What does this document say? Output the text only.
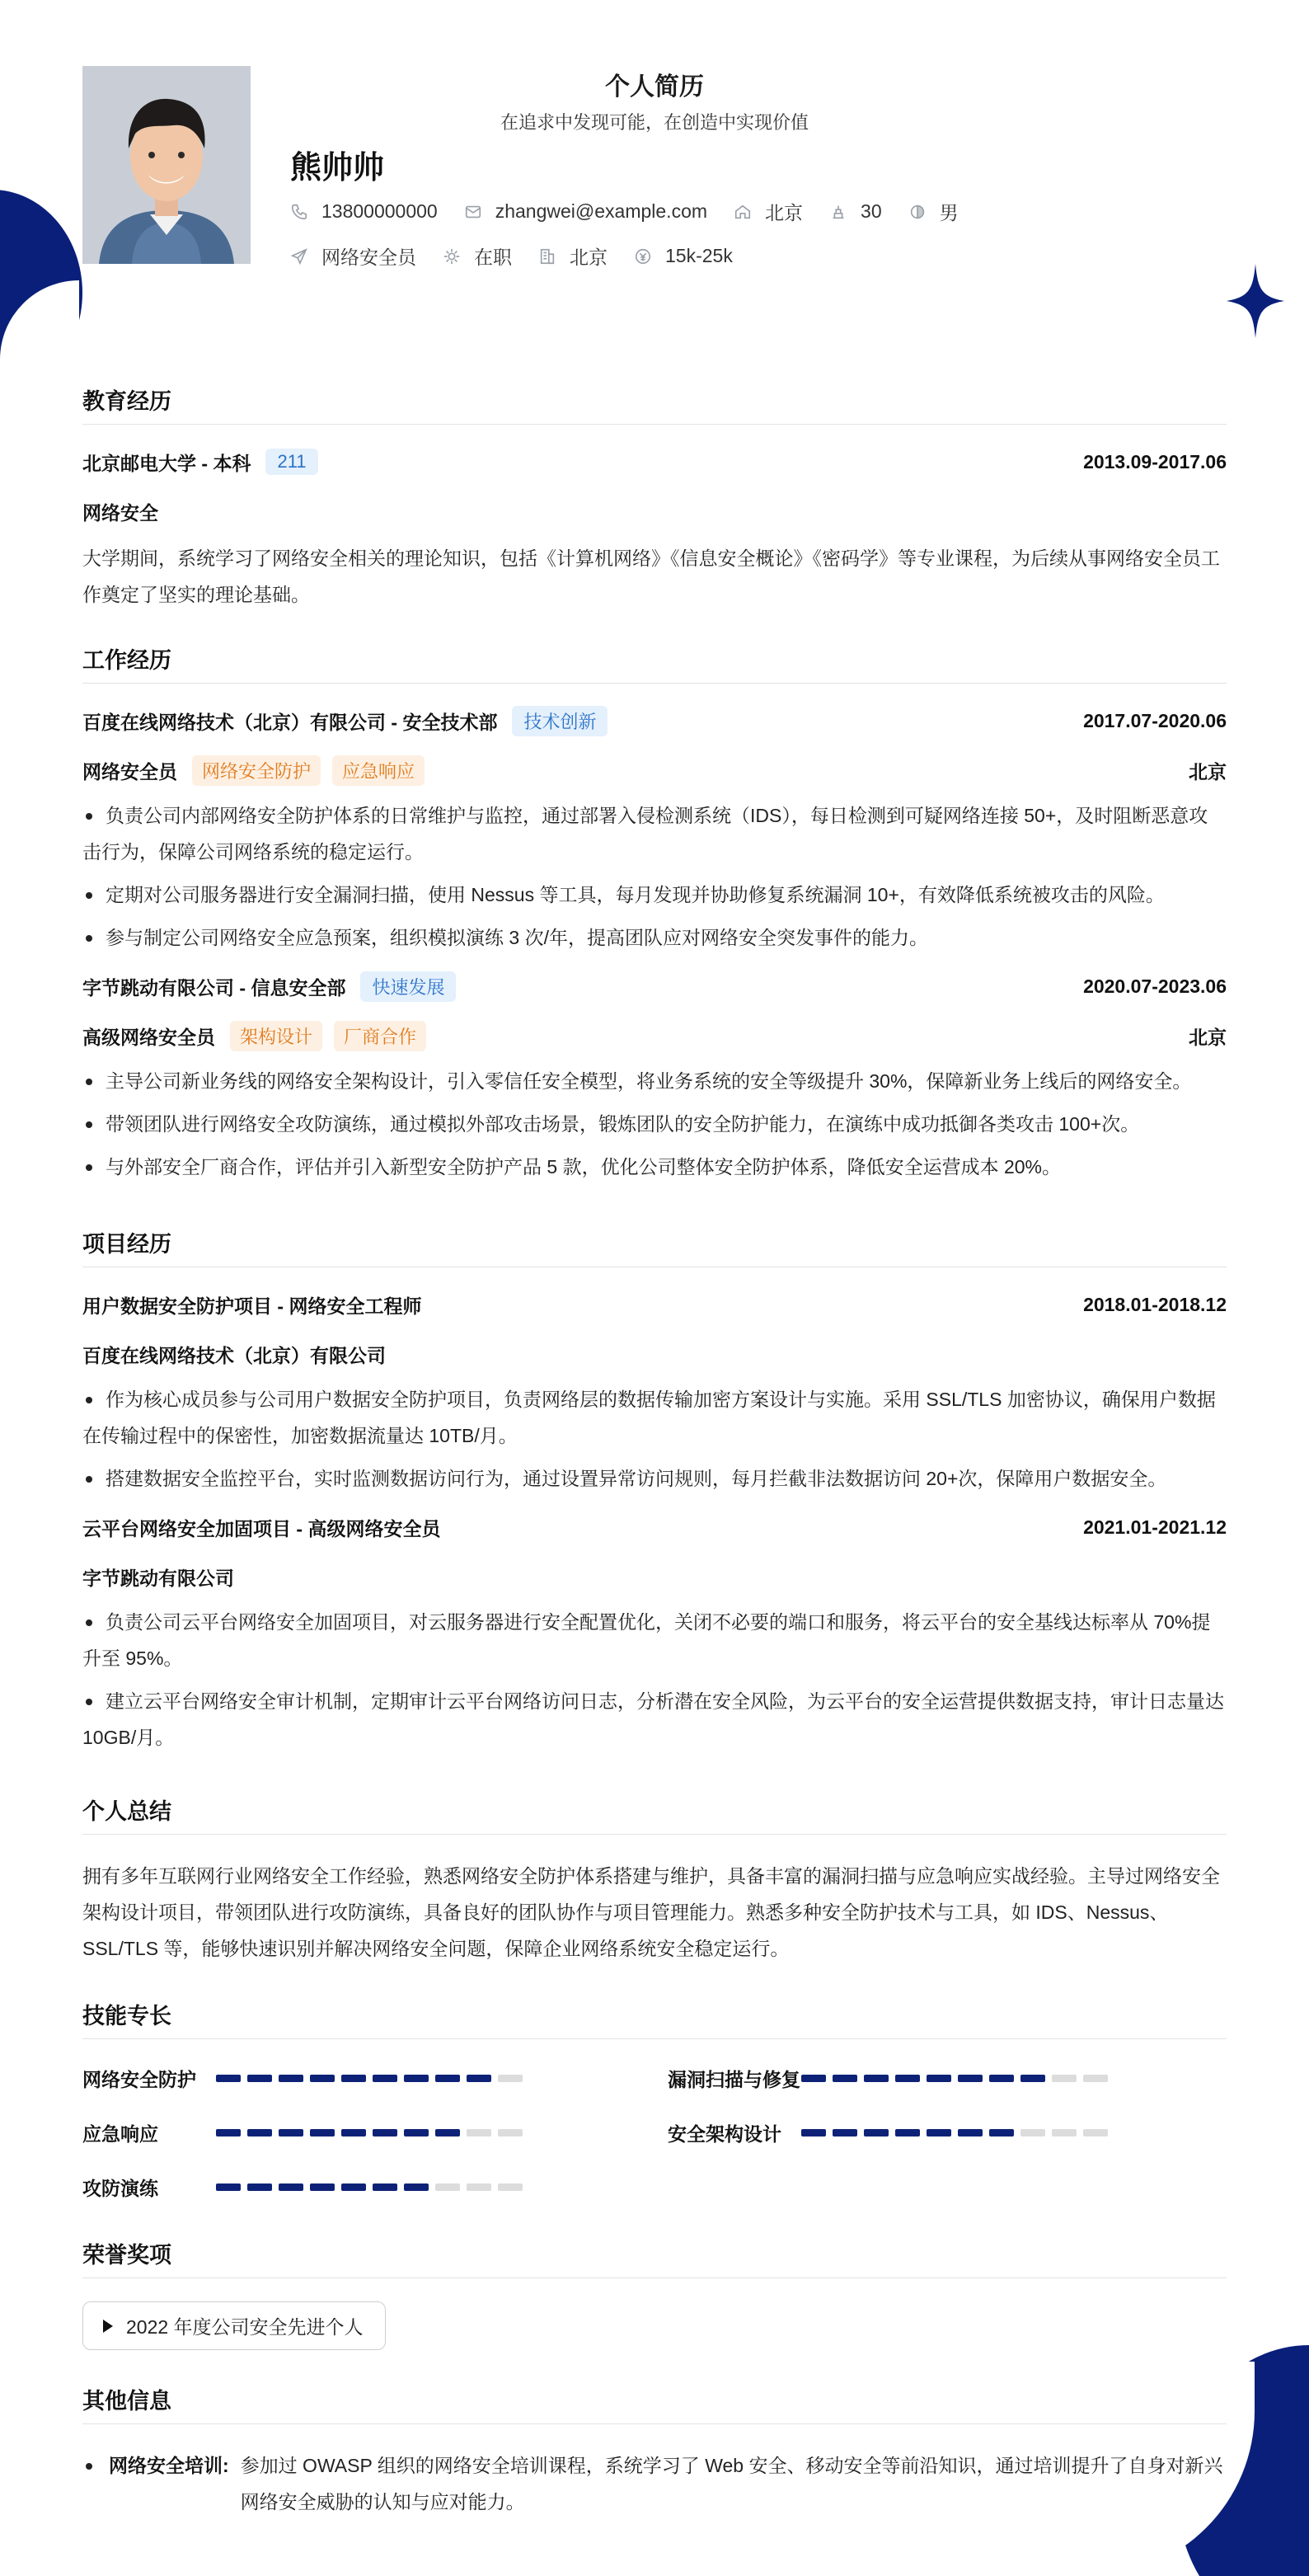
个人简历
在追求中发现可能，在创造中实现价值
熊帅帅
13800000000	zhangwei@example.com	北京	30	男
网络安全员	在职	北京	15k-25k
教育经历
北京邮电大学 - 本科	211	2013.09-2017.06
网络安全
大学期间，系统学习了网络安全相关的理论知识，包括《计算机网络》《信息安全概论》《密码学》等专业课程，为后续从事网络安全员工作奠定了坚实的理论基础。
工作经历
百度在线网络技术（北京）有限公司 - 安全技术部	技术创新	2017.07-2020.06
网络安全员	网络安全防护	应急响应	北京
负责公司内部网络安全防护体系的日常维护与监控，通过部署入侵检测系统（IDS），每日检测到可疑网络连接 50+，及时阻断恶意攻击行为，保障公司网络系统的稳定运行。
定期对公司服务器进行安全漏洞扫描，使用 Nessus 等工具，每月发现并协助修复系统漏洞 10+，有效降低系统被攻击的风险。
参与制定公司网络安全应急预案，组织模拟演练 3 次/年，提高团队应对网络安全突发事件的能力。
字节跳动有限公司 - 信息安全部	快速发展	2020.07-2023.06
高级网络安全员	架构设计	厂商合作	北京
主导公司新业务线的网络安全架构设计，引入零信任安全模型，将业务系统的安全等级提升 30%，保障新业务上线后的网络安全。
带领团队进行网络安全攻防演练，通过模拟外部攻击场景，锻炼团队的安全防护能力，在演练中成功抵御各类攻击 100+次。
与外部安全厂商合作，评估并引入新型安全防护产品 5 款，优化公司整体安全防护体系，降低安全运营成本 20%。
项目经历
用户数据安全防护项目 - 网络安全工程师	2018.01-2018.12
百度在线网络技术（北京）有限公司
作为核心成员参与公司用户数据安全防护项目，负责网络层的数据传输加密方案设计与实施。采用 SSL/TLS 加密协议，确保用户数据在传输过程中的保密性，加密数据流量达 10TB/月。
搭建数据安全监控平台，实时监测数据访问行为，通过设置异常访问规则，每月拦截非法数据访问 20+次，保障用户数据安全。
云平台网络安全加固项目 - 高级网络安全员	2021.01-2021.12
字节跳动有限公司
负责公司云平台网络安全加固项目，对云服务器进行安全配置优化，关闭不必要的端口和服务，将云平台的安全基线达标率从 70%提升至 95%。
建立云平台网络安全审计机制，定期审计云平台网络访问日志，分析潜在安全风险，为云平台的安全运营提供数据支持，审计日志量达 10GB/月。
个人总结
拥有多年互联网行业网络安全工作经验，熟悉网络安全防护体系搭建与维护，具备丰富的漏洞扫描与应急响应实战经验。主导过网络安全架构设计项目，带领团队进行攻防演练，具备良好的团队协作与项目管理能力。熟悉多种安全防护技术与工具，如 IDS、Nessus、SSL/TLS 等，能够快速识别并解决网络安全问题，保障企业网络系统安全稳定运行。
技能专长
网络安全防护	漏洞扫描与修复
应急响应	安全架构设计
攻防演练
荣誉奖项
2022 年度公司安全先进个人
其他信息
网络安全培训: 参加过 OWASP 组织的网络安全培训课程，系统学习了 Web 安全、移动安全等前沿知识，通过培训提升了自身对新兴网络安全威胁的认知与应对能力。
